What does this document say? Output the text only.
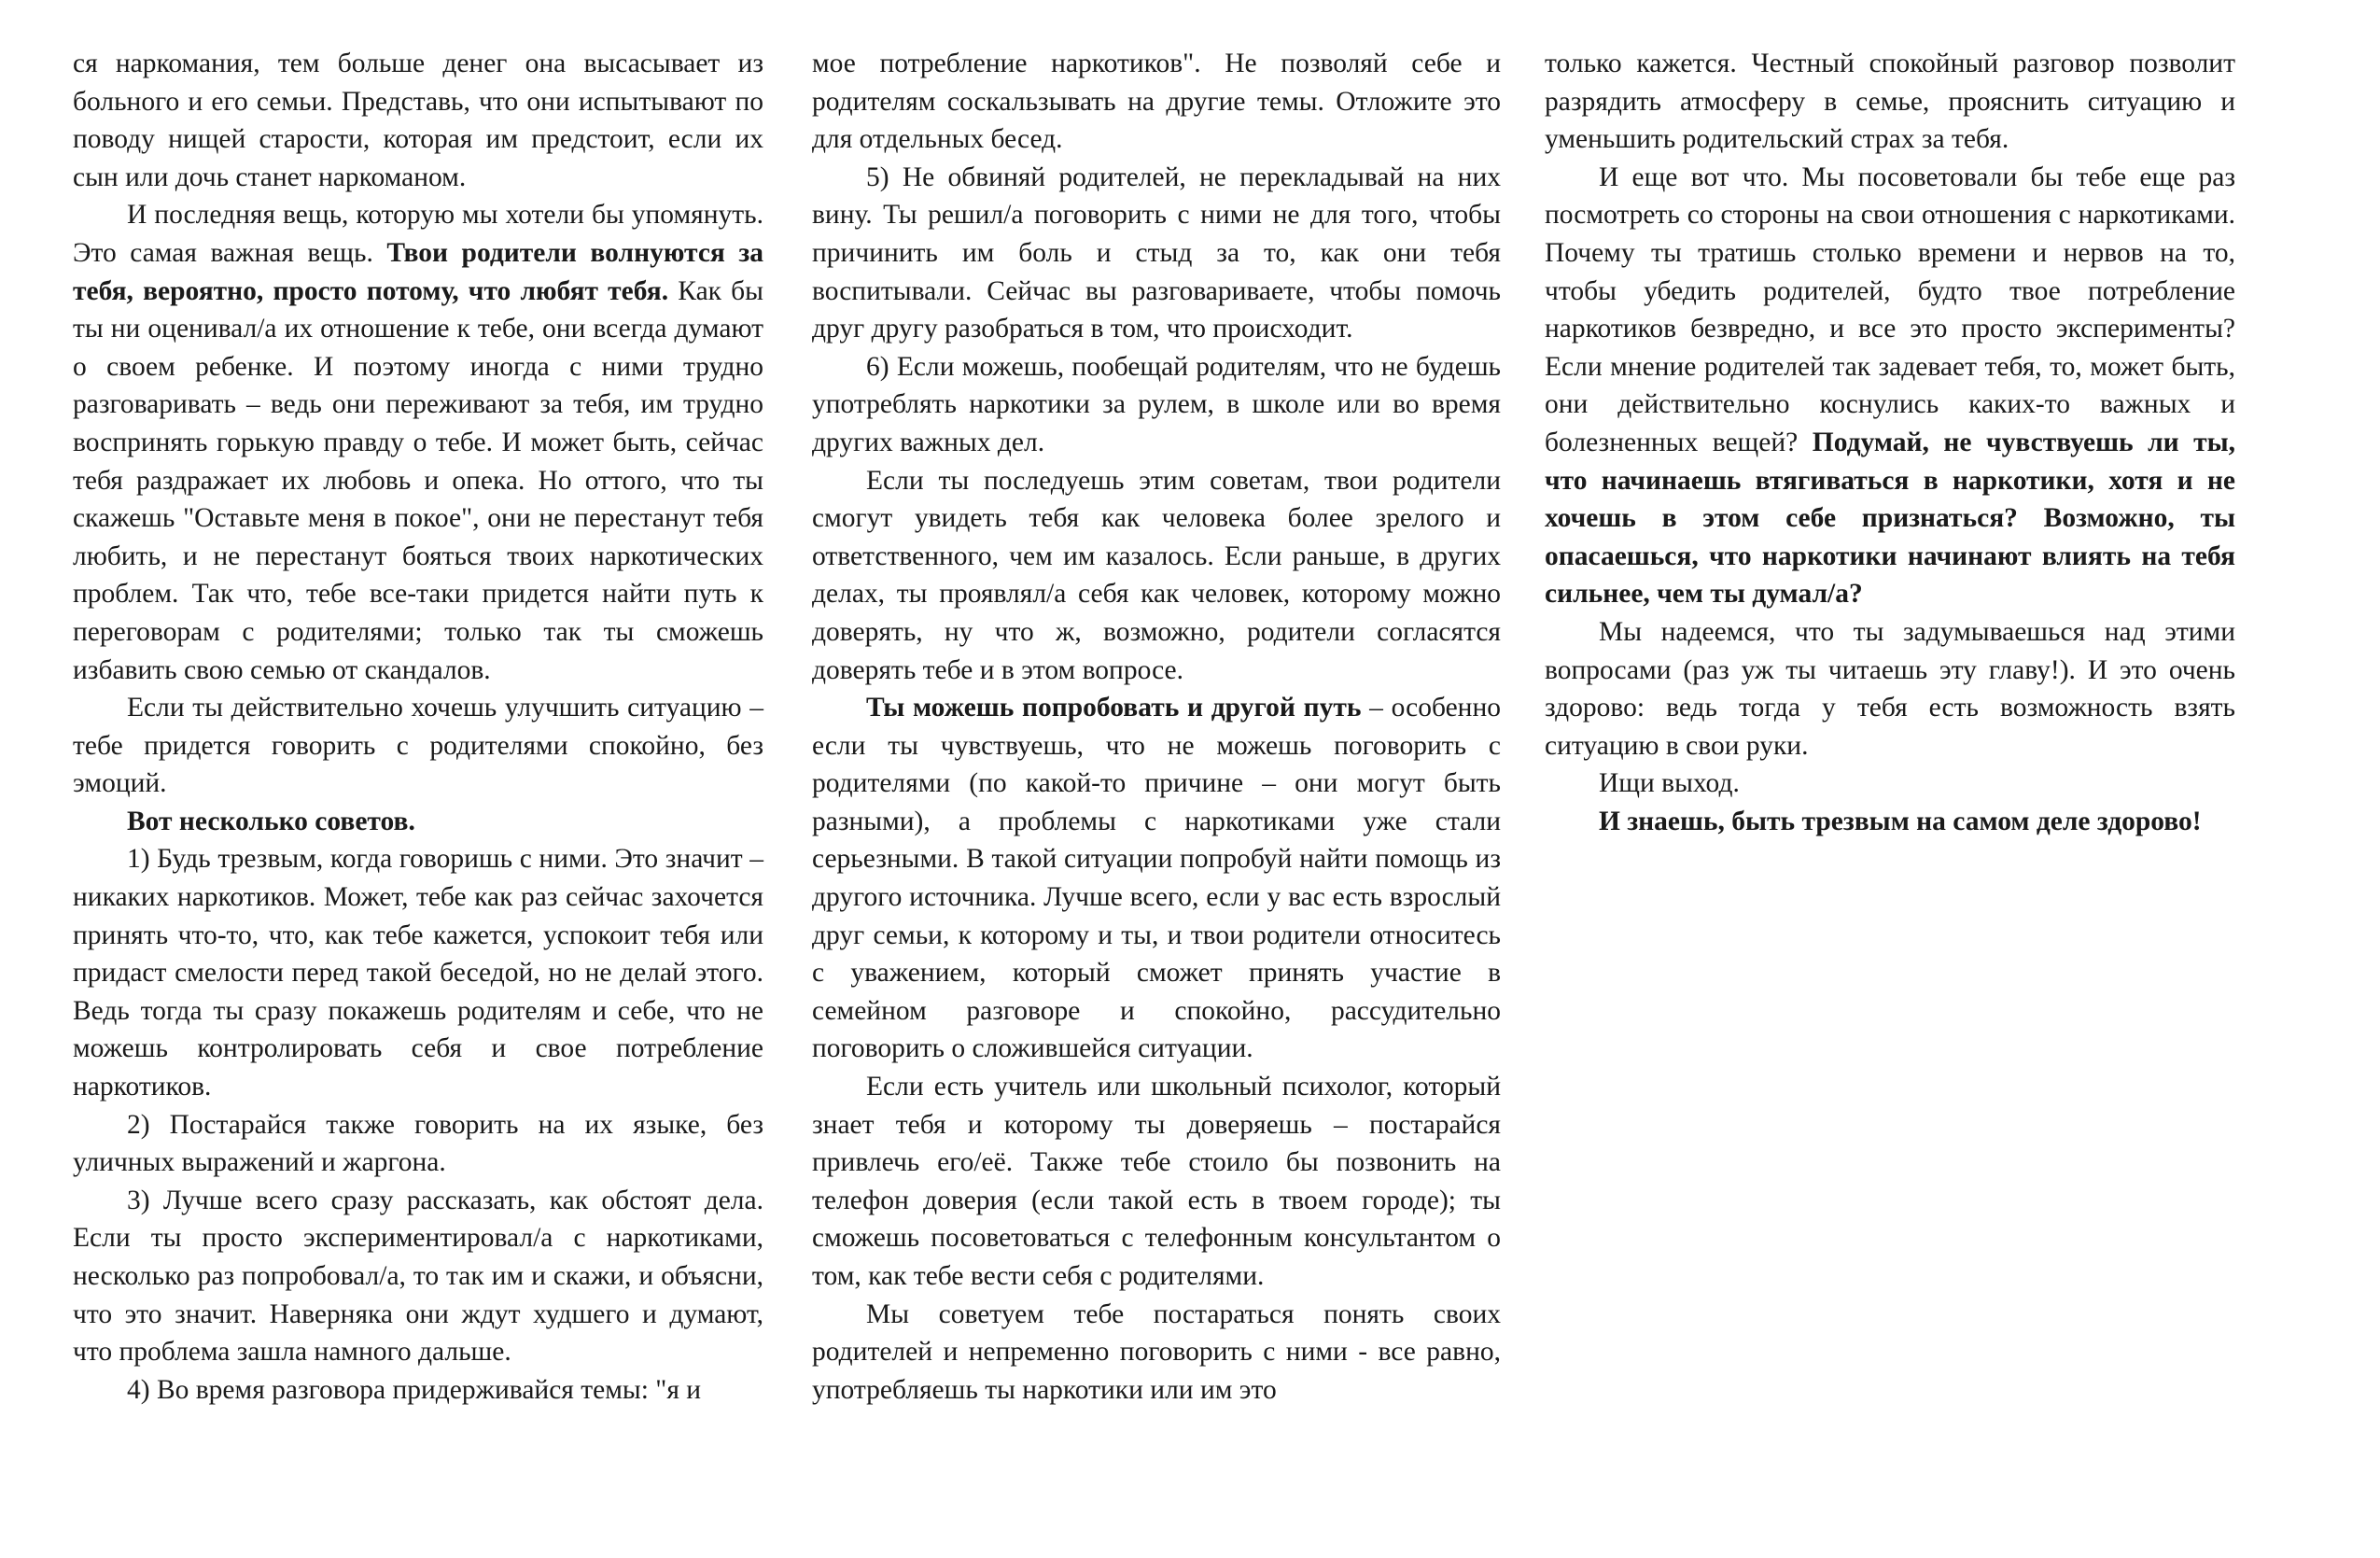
ся наркомания, тем больше денег она высасывает из больного и его семьи. Представь, что они испытывают по поводу нищей старости, которая им предстоит, если их сын или дочь станет наркоманом.

И последняя вещь, которую мы хотели бы упомянуть. Это самая важная вещь. Твои родители волнуются за тебя, вероятно, просто потому, что любят тебя. Как бы ты ни оценивал/а их отношение к тебе, они всегда думают о своем ребенке. И поэтому иногда с ними трудно разговаривать – ведь они переживают за тебя, им трудно воспринять горькую правду о тебе. И может быть, сейчас тебя раздражает их любовь и опека. Но оттого, что ты скажешь "Оставьте меня в покое", они не перестанут тебя любить, и не перестанут бояться твоих наркотических проблем. Так что, тебе все-таки придется найти путь к переговорам с родителями; только так ты сможешь избавить свою семью от скандалов.

Если ты действительно хочешь улучшить ситуацию – тебе придется говорить с родителями спокойно, без эмоций.

Вот несколько советов.

1) Будь трезвым, когда говоришь с ними. Это значит – никаких наркотиков. Может, тебе как раз сейчас захочется принять что-то, что, как тебе кажется, успокоит тебя или придаст смелости перед такой беседой, но не делай этого. Ведь тогда ты сразу покажешь родителям и себе, что не можешь контролировать себя и свое потребление наркотиков.

2) Постарайся также говорить на их языке, без уличных выражений и жаргона.

3) Лучше всего сразу рассказать, как обстоят дела. Если ты просто экспериментировал/а с наркотиками, несколько раз попробовал/а, то так им и скажи, и объясни, что это значит. Наверняка они ждут худшего и думают, что проблема зашла намного дальше.

4) Во время разговора придерживайся темы: "я и

мое потребление наркотиков". Не позволяй себе и родителям соскальзывать на другие темы. Отложите это для отдельных бесед.

5) Не обвиняй родителей, не перекладывай на них вину. Ты решил/а поговорить с ними не для того, чтобы причинить им боль и стыд за то, как они тебя воспитывали. Сейчас вы разговариваете, чтобы помочь друг другу разобраться в том, что происходит.

6) Если можешь, пообещай родителям, что не будешь употреблять наркотики за рулем, в школе или во время других важных дел.

Если ты последуешь этим советам, твои родители смогут увидеть тебя как человека более зрелого и ответственного, чем им казалось. Если раньше, в других делах, ты проявлял/а себя как человек, которому можно доверять, ну что ж, возможно, родители согласятся доверять тебе и в этом вопросе.

Ты можешь попробовать и другой путь – особенно если ты чувствуешь, что не можешь поговорить с родителями (по какой-то причине – они могут быть разными), а проблемы с наркотиками уже стали серьезными. В такой ситуации попробуй найти помощь из другого источника. Лучше всего, если у вас есть взрослый друг семьи, к которому и ты, и твои родители относитесь с уважением, который сможет принять участие в семейном разговоре и спокойно, рассудительно поговорить о сложившейся ситуации.

Если есть учитель или школьный психолог, который знает тебя и которому ты доверяешь – постарайся привлечь его/её. Также тебе стоило бы позвонить на телефон доверия (если такой есть в твоем городе); ты сможешь посоветоваться с телефонным консультантом о том, как тебе вести себя с родителями.

Мы советуем тебе постараться понять своих родителей и непременно поговорить с ними - все равно, употребляешь ты наркотики или им это

только кажется. Честный спокойный разговор позволит разрядить атмосферу в семье, прояснить ситуацию и уменьшить родительский страх за тебя.

И еще вот что. Мы посоветовали бы тебе еще раз посмотреть со стороны на свои отношения с наркотиками. Почему ты тратишь столько времени и нервов на то, чтобы убедить родителей, будто твое потребление наркотиков безвредно, и все это просто эксперименты? Если мнение родителей так задевает тебя, то, может быть, они действительно коснулись каких-то важных и болезненных вещей? Подумай, не чувствуешь ли ты, что начинаешь втягиваться в наркотики, хотя и не хочешь в этом себе признаться? Возможно, ты опасаешься, что наркотики начинают влиять на тебя сильнее, чем ты думал/а?

Мы надеемся, что ты задумываешься над этими вопросами (раз уж ты читаешь эту главу!). И это очень здорово: ведь тогда у тебя есть возможность взять ситуацию в свои руки.

Ищи выход.

И знаешь, быть трезвым на самом деле здорово!
